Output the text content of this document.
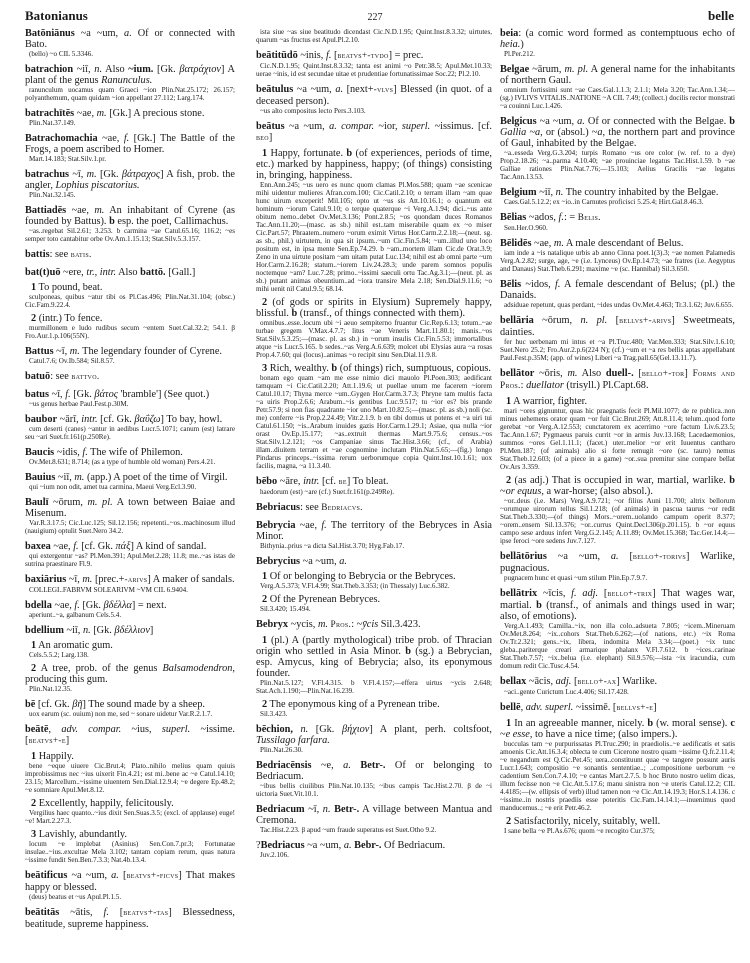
Batonianus	227	belle
Batōniānus ~a ~um, a. Of or connected with Bato.
(bello) ~o CIL 5.3346.
batrachion ~iī, n. Also ~ium. [Gk. βατράχιον] A plant of the genus Ranunculus.
ranunculum uocamus quam Graeci ~ion Plin.Nat.25.172; 26.157; polyanthemum, quam quidam ~ion appellant 27.112; Larg.174.
batrachītēs ~ae, m. [Gk.] A precious stone.
Plin.Nat.37.149.
Batrachomachia ~ae, f. [Gk.] The Battle of the Frogs, a poem ascribed to Homer.
Mart.14.183; Stat.Silv.1.pr.
batrachus ~ī, m. [Gk. βάτραχος] A fish, prob. the angler, Lophius piscatorius.
Plin.Nat.32.145.
Battiadēs ~ae, m. An inhabitant of Cyrene (as founded by Battus). b esp. the poet, Callimachus.
~as..regebat Sil.2.61; 3.253. b carmina ~ae Catul.65.16; 116.2; ~es semper toto cantabitur orbe Ov.Am.1.15.13; Stat.Silv.5.3.157.
battis: see batis.
bat(t)uō ~ere, tr., intr. Also battō. [Gall.]
1 To pound, beat.
sculponeas, quibus ~atur tibi os Pl.Cas.496; Plin.Nat.31.104; (obsc.) Cic.Fam.9.22.4.
2 (intr.) To fence.
murmillonem e ludo rudibus secum ~entem Suet.Cal.32.2; 54.1. β Fro.Aur.1.p.106(55N).
Battus ~ī, m. The legendary founder of Cyrene.
Catul.7.6; Ov.Ib.584; Sil.8.57.
batuō: see battvo.
batus ~ī, f. [Gk. βάτος 'bramble'] (See quot.)
~us genus herbae Paul.Fest.p.30M.
baubor ~ārī, intr. [cf. Gk. βαΰζω] To bay, howl.
cum deserti (canes) ~antur in aedibus Lucr.5.1071; canum (est) latrare seu ~ari Suet.fr.161(p.250Re).
Baucis ~idis, f. The wife of Philemon.
Ov.Met.8.631; 8.714; (as a type of humble old woman) Pers.4.21.
Bauius ~iī, m. (app.) A poet of the time of Virgil.
qui ~ium non odit, amet tua carmina, Maeui Verg.Ecl.3.90.
Baulī ~ōrum, m. pl. A town between Baiae and Misenum.
Var.R.3.17.5; Cic.Luc.125; Sil.12.156; repetenti..~os..machinosum illud (nauigium) optulit Suet.Nero 34.2.
baxea ~ae, f. [cf. Gk. πάξ] A kind of sandal.
qui extergentur ~as? Pl.Men.391; Apul.Met.2.28; 11.8; me..~as istas de sutrina praestinare Fl.9.
baxiārius ~ī, m. [prec.+-arivs] A maker of sandals.
COLLEGI..FABRVM SOLEARIVM ~VM CIL 6.9404.
bdella ~ae, f. [Gk. βδέλλα] = next.
aperiunt..~a, galbanum Cels.5.4.
bdellium ~iī, n. [Gk. βδέλλιον]
1 An aromatic gum.
Cels.5.5.2; Larg.138.
2 A tree, prob. of the genus Balsamodendron, producing this gum.
Plin.Nat.12.35.
bē [cf. Gk. βῆ] The sound made by a sheep.
uox earum (sc. ouium) non me, sed ~ sonare uidetur Var.R.2.1.7.
beātē, adv. compar. ~ius, superl. ~issime. [beatvs+-e]
1 Happily.
bene ~eque uiuere Cic.Brut.4; Plato..nihilo melius quam quiuis improbissimus nec ~ius uixerit Fin.4.21; est mi..bene ac ~e Catul.14.10; 23.15; Marcellum..~issime uiuentem Sen.Dial.12.9.4; ~e degere Ep.48.2; ~e somniare Apul.Met.8.12.
2 Excellently, happily, felicitously.
Vergilius haec quanto..~ius dixit Sen.Suas.3.5; (excl. of applause) euge! ~e! Mart.2.27.3.
3 Lavishly, abundantly.
locum ~e implebat (Asinius) Sen.Con.7.pr.3; Fortunatae insulae..~ius..excultae Mela 3.102; tantam copiam rerum, quas natura ~issime fundit Sen.Ben.7.3.3; Nat.4b.13.4.
beātificus ~a ~um, a. [beatvs+-ficvs] That makes happy or blessed.
(deus) beatus et ~us Apul.Pl.1.5.
beātitās ~ātis, f. [beatvs+-tas] Blessedness, beatitude, supreme happiness.
ista siue ~as siue beatitudo dicendast Cic.N.D.1.95; Quint.Inst.8.3.32; uirtutes, quarum ~as fructus est Apul.Pl.2.10.
beātitūdō ~inis, f. [beatvs+-tvdo] = prec.
Cic.N.D.1.95; Quint.Inst.8.3.32; tanta est animi ~o Petr.38.5; Apul.Met.10.33; uerae ~inis, id est secundae uitae et prudentiae fortunatissimae Soc.22; Pl.2.10.
beātulus ~a ~um, a. [next+-vlvs] Blessed (in quot. of a deceased person).
~us alto compositus lecto Pers.3.103.
beātus ~a ~um, a. compar. ~ior, superl. ~issimus. [cf. beo]
1 Happy, fortunate. b (of experiences, periods of time, etc.) marked by happiness, happy; (of things) consisting in, bringing, happiness.
Enn.Ann.245; ~us uero es nunc quom clamas Pl.Mos.588; quam ~ae scenicae mihi uidentur mulieres Afran.com.100; Cic.Catil.2.10; o terram illam ~am quae hunc uirum exceperit! Mil.105; opto ut ~us sis Att.10.16.1; o quantum est hominum ~iorum Catul.9.10; o terque quaterque ~i Verg.A.1.94; dici..~us ante obitum nemo..debet Ov.Met.3.136; Pont.2.8.5; ~os quondam duces Romanos Tac.Ann.11.20;—(masc. as sb.) nihil est..tam miserabile quam ex ~o miser Cic.Part.57; Phraatem..numero ~orum eximit Virtus Hor.Carm.2.2.18;—(neut. sg. as sb., phil.) uirtutem, in qua sit ipsum..~um Cic.Fin.5.84; ~um..illud uno loco positum est, in ipsa mente Sen.Ep.74.29. b ~am..mortem illam Cic.de Orat.3.9; Zeno in una uirtute positam ~am uitam putat Luc.134; nihil est ab omni parte ~um Hor.Carm.2.16.28; statum..~iorem Liv.24.28.3; unde parem somnos populis noctemque ~am? Luc.7.28; primo..~issimi saeculi ortu Tac.Ag.3.1;—(neut. pl. as sb.) putant animas obeuntium..ad ~iora transire Mela 2.18; Sen.Dial.9.11.6; ~o mihi uenit nil Catul.9.5; 68.14.
2 (of gods or spirits in Elysium) Supremely happy, blissful. b (transf., of things connected with them).
omnibus..esse..locum ubi ~i aeuo sempiterno fruantur Cic.Rep.6.13; totum..~ae turbae gregem V.Max.4.7.7; litus ~ae Veneris Mart.11.80.1; manis..~os Stat.Silv.5.3.25;—(masc. pl. as sb.) in ~orum insulis Cic.Fin.5.53; immortalibus atque ~is Lucr.5.165. b sedes..~as Verg.A.6.639; molcet ubi Elysias aura ~a rosas Prop.4.7.60; qui (locus)..animas ~o recipit sinu Sen.Dial.11.9.8.
3 Rich, wealthy. b (of things) rich, sumptuous, copious.
bonam ego quam ~am me esse nimio dici mauolo Pl.Poen.303; aedificant tamquam ~i Cic.Catil.2.20; Att.1.19.6; ut puellae unum me facerem ~iorem Catul.10.17; Thyna merce ~um..Gygen Hor.Carm.3.7.3; Phryne tam multis facta ~a uiris Prop.2.6.6; Arabum..~is gentibus Luc.9.517; tu ~ior es? bis prande Petr.57.9; si non fias quadrante ~ior uno Mart.10.82.5;—(masc. pl. as sb.) noli (sc. me) conferre ~is Prop.2.24.49; Vitr.2.1.9. b en tibi domus ut potens et ~a uiri tui Catul.61.150; ~is..Arabum inuides gazis Hor.Carm.1.29.1; Asiae, qua nulla ~ior orast Ov.Ep.15.177; ~as..extruit thermas Mart.9.75.6; census..~os Stat.Silv.1.2.121; ~os Campaniae sinus Tac.Hist.3.66; (cf., of Arabia) illam..diuitem terram et ~ae cognomine inclutam Plin.Nat.5.65;—(fig.) longo Pindarus princeps..~issima rerum uerborumque copia Quint.Inst.10.1.61; uox facilis, magna, ~a 11.3.40.
bēbo ~āre, intr. [cf. be] To bleat.
haedorum (est) ~are (cf.) Suet.fr.161(p.249Re).
Bebriacus: see Bedriacvs.
Bebrycia ~ae, f. The territory of the Bebryces in Asia Minor.
Bithynia..prius ~a dicta Sal.Hist.3.70; Hyg.Fab.17.
Bebrycius ~a ~um, a.
1 Of or belonging to Bebrycia or the Bebryces.
Verg.A.5.373; V.Fl.4.99; Stat.Theb.3.353; (in Thessaly) Luc.6.382.
2 Of the Pyrenean Bebryces.
Sil.3.420; 15.494.
Bebryx ~ycis, m. Pros.: ~ȳcis Sil.3.423.
1 (pl.) A (partly mythological) tribe prob. of Thracian origin who settled in Asia Minor. b (sg.) a Bebrycian, esp. Amycus, king of Bebrycia; also, its eponymous founder.
Plin.Nat.5.127; V.Fl.4.315. b V.Fl.4.157;—effera uirtus ~ycis 2.648; Stat.Ach.1.190;—Plin.Nat.16.239.
2 The eponymous king of a Pyrenean tribe.
Sil.3.423.
bēchion, n. [Gk. βήχιον] A plant, perh. coltsfoot, Tussilago farfara.
Plin.Nat.26.30.
Bedriacēnsis ~e, a. Betr-. Of or belonging to Bedriacum.
~ibus bellis ciuilibus Plin.Nat.10.135; ~ibus campis Tac.Hist.2.70. β de ~i uictoria Suet.Vit.10.1.
Bedriacum ~ī, n. Betr-. A village between Mantua and Cremona.
Tac.Hist.2.23. β apud ~um fraude superatus est Suet.Otho 9.2.
?Bedriacus ~a ~um, a. Bebr-. Of Bedriacum.
Juv.2.106.
beia: (a comic word formed as contemptuous echo of heia.)
Pl.Per.212.
Belgae ~ārum, m. pl. A general name for the inhabitants of northern Gaul.
omnium fortissimi sunt ~ae Caes.Gal.1.1.3; 2.1.1; Mela 3.20; Tac.Ann.1.34;—(sg.) IVLIVS VITALIS..NATIONE ~A CIL 7.49; (collect.) docilis rector monstrati ~a couinni Luc.1.426.
Belgicus ~a ~um, a. Of or connected with the Belgae. b Gallia ~a, or (absol.) ~a, the northern part and province of Gaul, inhabited by the Belgae.
~a..esseda Verg.G.3.204; turpis Romano ~us ore color (w. ref. to a dye) Prop.2.18.26; ~a..parma 4.10.40; ~ae prouinciae legatus Tac.Hist.1.59. b ~ae Galliae rationes Plin.Nat.7.76;—15.103; Aelius Gracilis ~ae legatus Tac.Ann.13.53.
Belgium ~iī, n. The country inhabited by the Belgae.
Caes.Gal.5.12.2; ex ~io..in Carnutes proficisci 5.25.4; Hirt.Gal.8.46.3.
Bēlias ~ados, f.: = Belis.
Sen.Her.O.960.
Bēlidēs ~ae, m. A male descendant of Belus.
iam inde a ~is natalique urbis ab anno Cinna poet.1(3).3; ~ae nomen Palamedis Verg.A.2.82; surge, age, ~e (i.e. Lynceus) Ov.Ep.14.73; ~ae fratres (i.e. Aegyptus and Danaus) Stat.Theb.6.291; maxime ~e (sc. Hannibal) Sil.3.650.
Bēlis ~idos, f. A female descendant of Belus; (pl.) the Danaids.
adsiduae repetunt, quas perdant, ~ides undas Ov.Met.4.463; Tr.3.1.62; Juv.6.655.
bellāria ~ōrum, n. pl. [bellvs+-arivs] Sweetmeats, dainties.
fer huc uerbenam mi intus et ~a Pl.Truc.480; Var.Men.333; Stat.Silv.1.6.10; Suet.Nero 25.2; Fro.Aur.2.p.6(224 N); (cf.) ~um et ~a res bellis aptas appellabant Paul.Fest.p.35M; (app. of wines) Liberi ~a Trag.pall.65(Gel.13.11.7).
bellātor ~ōris, m. Also duell-. [bello+-tor] Forms and Pros.: duellator (trisyll.) Pl.Capt.68.
1 A warrior, fighter.
mari ~ores gignuntur, quas hic praegnatis fecit Pl.Mil.1077; de re publica..non minus uehemens orator quam ~or fuit Cic.Brut.269; Att.8.11.4; telum..quod forte gerebat ~or Verg.A.12.553; cunctatorem ex acerrimo ~ore factum Liv.6.23.5; Tac.Ann.1.67; Pygmaeus paruis currit ~or in armis Juv.13.168; Lacedaemonios, summos ~ores Gel.1.11.1; (facet.) uter..melior ~or erit Iuuentus cantharo Pl.Men.187; (of animals) alio si forte remugit ~ore (sc. tauro) nemus Stat.Theb.12.603; (of a piece in a game) ~or..sua premitur sine compare bellat Ov.Ars 3.359.
2 (as adj.) That is occupied in war, martial, warlike. b ~or equus, a war-horse; (also absol.).
~or..deus (i.e. Mars) Verg.A.9.721; ~or filius Auni 11.700; altrix bellorum ~orumque uirorum tellus Sil.1.218; (of animals) in pascua taurus ~or redit Stat.Theb.3.330;—(of things) Mors..~orem..uolando campum operit 8.377; ~orem..ensem Sil.13.376; ~or..currus Quint.Decl.306(p.201.15). b ~or equus campo sese arduus infert Verg.G.2.145; A.11.89; Ov.Met.15.368; Tac.Ger.14.4;—ipse feroci ~ore sedens Juv.7.127.
bellātōrius ~a ~um, a. [bello+-torivs] Warlike, pugnacious.
pugnacem hunc et quasi ~um stilum Plin.Ep.7.9.7.
bellātrix ~īcis, f. adj. [bello+-trix] That wages war, martial. b (transf., of animals and things used in war; also, of emotions).
Verg.A.1.493; Camilla..~ix, non illa colo..adsueta 7.805; ~icem..Mineruam Ov.Met.8.264; ~ix..cohors Stat.Theb.6.262;—(of nations, etc.) ~ix Roma Ov.Tr.2.321; gens..~ix, libera, indomita Mela 3.34;—(poet.) ~ix tunc gleba..pariterque creari armarique phalanx V.Fl.7.612. b ~ices..carinae Stat.Theb.7.57; ~ix..belua (i.e. elephant) Sil.9.576;—ista ~ix iracundia, cum domum redit Cic.Tusc.4.54.
bellax ~ācis, adj. [bello+-ax] Warlike.
~aci..gente Curictum Luc.4.406; Sil.17.428.
bellē, adv. superl. ~issimē. [bellvs+-e]
1 In an agreeable manner, nicely. b (w. moral sense). c ~e esse, to have a nice time; (also impers.).
bucculas tam ~e purpurissatas Pl.Truc.290; in praediolis..~e aedificatis et satis amoenis Cic.Att.16.3.4; oblecta te cum Cicerone nostro quam ~issime Q.fr.2.11.4; ~e negandum est Q.Cic.Pet.45; uera..constituunt quae ~e tangere possunt auris Lucr.1.643; compositio ~e sonantis sententiae..; ..compositione uerborum ~e cadentium Sen.Con.7.4.10; ~e cantas Mart.2.7.5. b hoc Bruto nostro uelim dicas, illum fecisse non ~e Cic.Att.5.17.6; manu sinistra non ~e uteris Catul.12.2; CIL 4.4185;—(w. ellipsis of verb) illud tamen non ~e Cic.Att.14.19.3; Hor.S.1.4.136. c ~issime..in nostris praediis esse poteritis Cic.Fam.14.14.1;—inuenimus quod manducemus..; ~e erit Petr.46.2.
2 Satisfactorily, nicely, suitably, well.
I sane bella ~e Pl.As.676; quom ~e recogito Cur.375;
